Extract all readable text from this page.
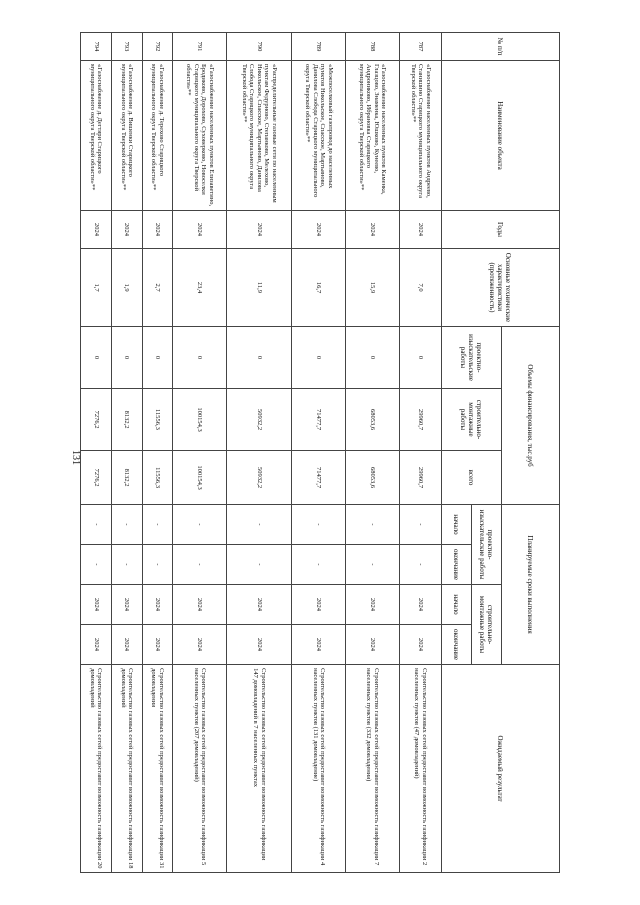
131
№ п/п	Наименование объекта	Годы	Основные технические характеристики (протяженность)	Объемы финансирования, тыс.руб			Планируемые сроки выполнения				Ожидаемый результат
				проектно-изыскательские работы	строительно-монтажные работы	всего	проектно-изыскательские работы		строительно-монтажные работы		
							начало	окончание	начало	окончание	
787	«Газоснабжение населенных пунктов Андреево, Станишино Старицкого муниципального округа Тверской области»**	2024	7,0	0	29960,7	29960,7	-	-	2024	2024	Строительство газовых сетей предоставит возможность газификации 2 населенных пунктов (47 домовладений)
788	«Газоснабжение населенных пунктов Каменка, Глазцово, Знаменка, Юшково, Кунеево, Андрониково, Ибрановка Старицкого муниципального округа Тверской области»**	2024	15,9	0	68053,6	68053,6	-	-	2024	2024	Строительство газовых сетей предоставит возможность газификации 7 населенных пунктов (332 домовладения)
789	«Межпоселковый газопровод до населенных пунктов Никольское, Спасское, Мартьяново, Данилова Слобода Старицкого муниципального округа Тверской области»**	2024	16,7	0	71477,7	71477,7	-	-	2024	2024	Строительство газовых сетей предоставит возможность газификации 4 населенных пунктов (131 домовладение)
790	«Распределительные газовые сети по населенным пунктам Федурново, Степанково, Мелехово, Никольское, Спасское, Мартьяново, Данилова Слобода Старицкого муниципального округа Тверской области»**	2024	11,9	0	50932,2	50932,2	-	-	2024	2024	Строительство газовых сетей предоставит возможность газификации 147 домовладений в 7 населенных пунктах
791	«Газоснабжение населенных пунктов Елизаветино, Бродиково, Дорохово, Суховерково, Новоселки Старицкого муниципального округа Тверской области»**	2024	23,4	0	100154,3	100154,3	-	-	2024	2024	Строительство газовых сетей предоставит возможность газификации 5 населенных пунктов (207 домовладений)
792	«Газоснабжение д. Терехово Старицкого муниципального округа Тверской области»**	2024	2,7	0	11556,3	11556,3	-	-	2024	2024	Строительство газовых сетей предоставит возможность газификации 31 домовладения
793	«Газоснабжение д. Вишенки Старицкого муниципального округа Тверской области»**	2024	1,9	0	8132,2	8132,2	-	-	2024	2024	Строительство газовых сетей предоставит возможность газификации 18 домовладений
794	«Газоснабжение д. Дегтяри Старицкого муниципального округа Тверской области»**	2024	1,7	0	7276,2	7276,2	-	-	2024	2024	Строительство газовых сетей предоставит возможность газификации 20 домовладений
